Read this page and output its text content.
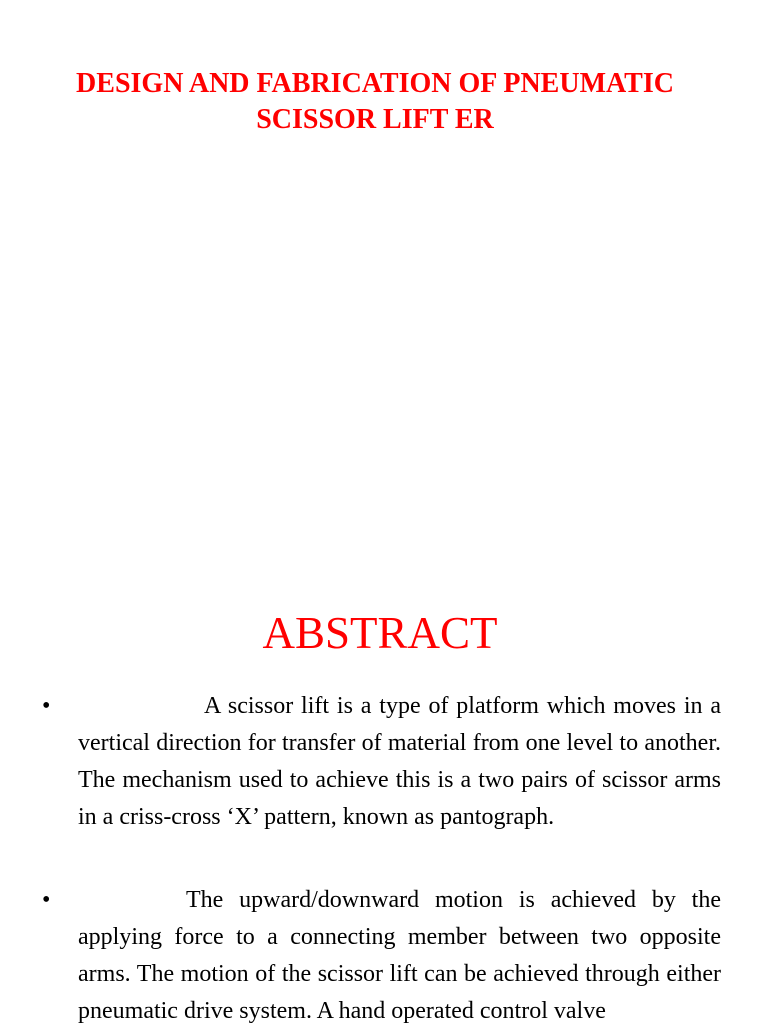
DESIGN AND FABRICATION OF PNEUMATIC
SCISSOR LIFT ER
ABSTRACT
•	A scissor lift is a type of platform which moves in a vertical direction for transfer of material from one level to another. The mechanism used to achieve this is a two pairs of scissor arms in a criss-cross ‘X’ pattern, known as pantograph.

•	The upward/downward motion is achieved by the applying force to a connecting member between two opposite arms. The motion of the scissor lift can be achieved through either pneumatic drive system. A hand operated control valve
